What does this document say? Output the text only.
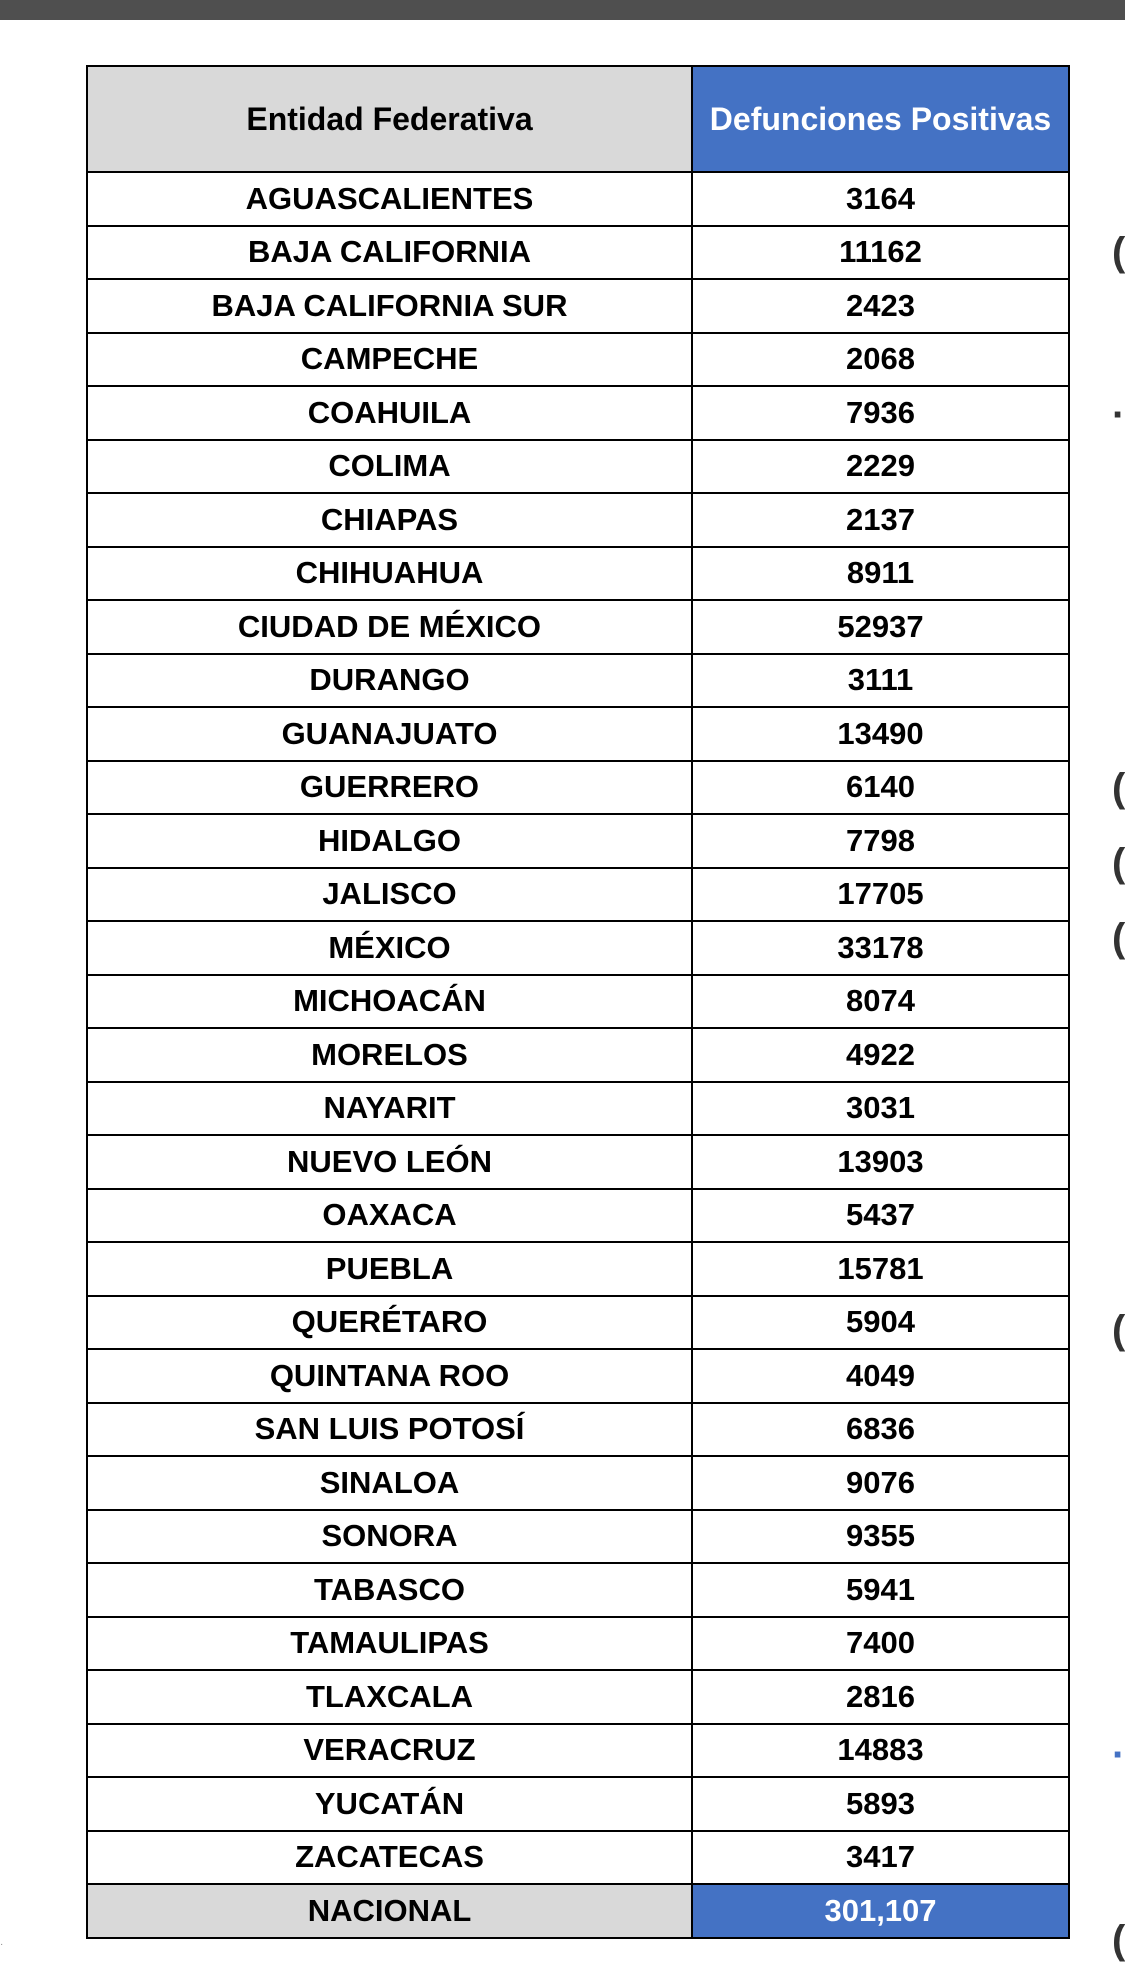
Entidad Federativa	Defunciones Positivas
AGUASCALIENTES	3164
BAJA CALIFORNIA	11162
BAJA CALIFORNIA SUR	2423
CAMPECHE	2068
COAHUILA	7936
COLIMA	2229
CHIAPAS	2137
CHIHUAHUA	8911
CIUDAD DE MÉXICO	52937
DURANGO	3111
GUANAJUATO	13490
GUERRERO	6140
HIDALGO	7798
JALISCO	17705
MÉXICO	33178
MICHOACÁN	8074
MORELOS	4922
NAYARIT	3031
NUEVO LEÓN	13903
OAXACA	5437
PUEBLA	15781
QUERÉTARO	5904
QUINTANA ROO	4049
SAN LUIS POTOSÍ	6836
SINALOA	9076
SONORA	9355
TABASCO	5941
TAMAULIPAS	7400
TLAXCALA	2816
VERACRUZ	14883
YUCATÁN	5893
ZACATECAS	3417
NACIONAL	301,107
(
·
(
(
(
(
·
(
·
